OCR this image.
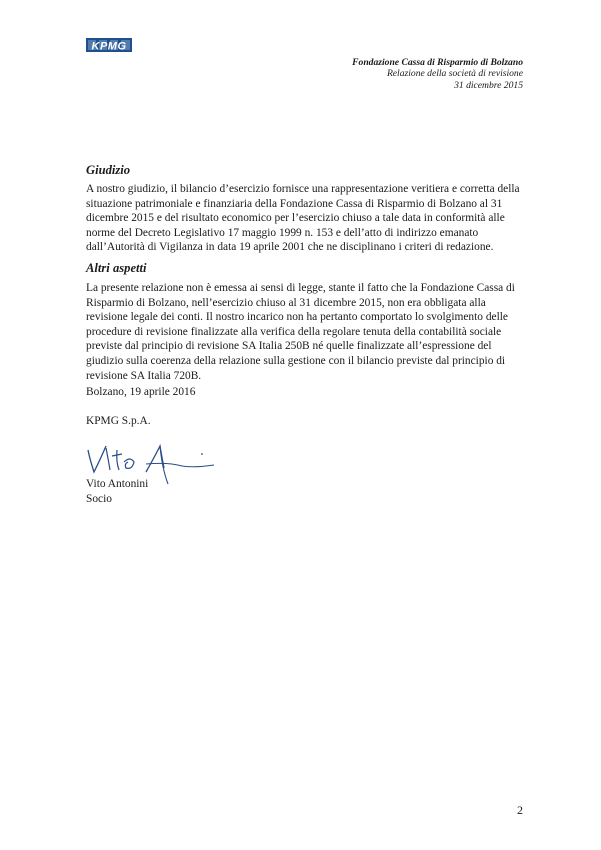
KPMG
Fondazione Cassa di Risparmio di Bolzano
Relazione della società di revisione
31 dicembre 2015
Giudizio
A nostro giudizio, il bilancio d’esercizio fornisce una rappresentazione veritiera e corretta della situazione patrimoniale e finanziaria della Fondazione Cassa di Risparmio di Bolzano al 31 dicembre 2015 e del risultato economico per l’esercizio chiuso a tale data in conformità alle norme del Decreto Legislativo 17 maggio 1999 n. 153 e dell’atto di indirizzo emanato dall’Autorità di Vigilanza in data 19 aprile 2001 che ne disciplinano i criteri di redazione.
Altri aspetti
La presente relazione non è emessa ai sensi di legge, stante il fatto che la Fondazione Cassa di Risparmio di Bolzano, nell’esercizio chiuso al 31 dicembre 2015, non era obbligata alla revisione legale dei conti. Il nostro incarico non ha pertanto comportato lo svolgimento delle procedure di revisione finalizzate alla verifica della regolare tenuta della contabilità sociale previste dal principio di revisione SA Italia 250B né quelle finalizzate all’espressione del giudizio sulla coerenza della relazione sulla gestione con il bilancio previste dal principio di revisione SA Italia 720B.
Bolzano, 19 aprile 2016
KPMG S.p.A.
Vito Antonini
Socio
2
